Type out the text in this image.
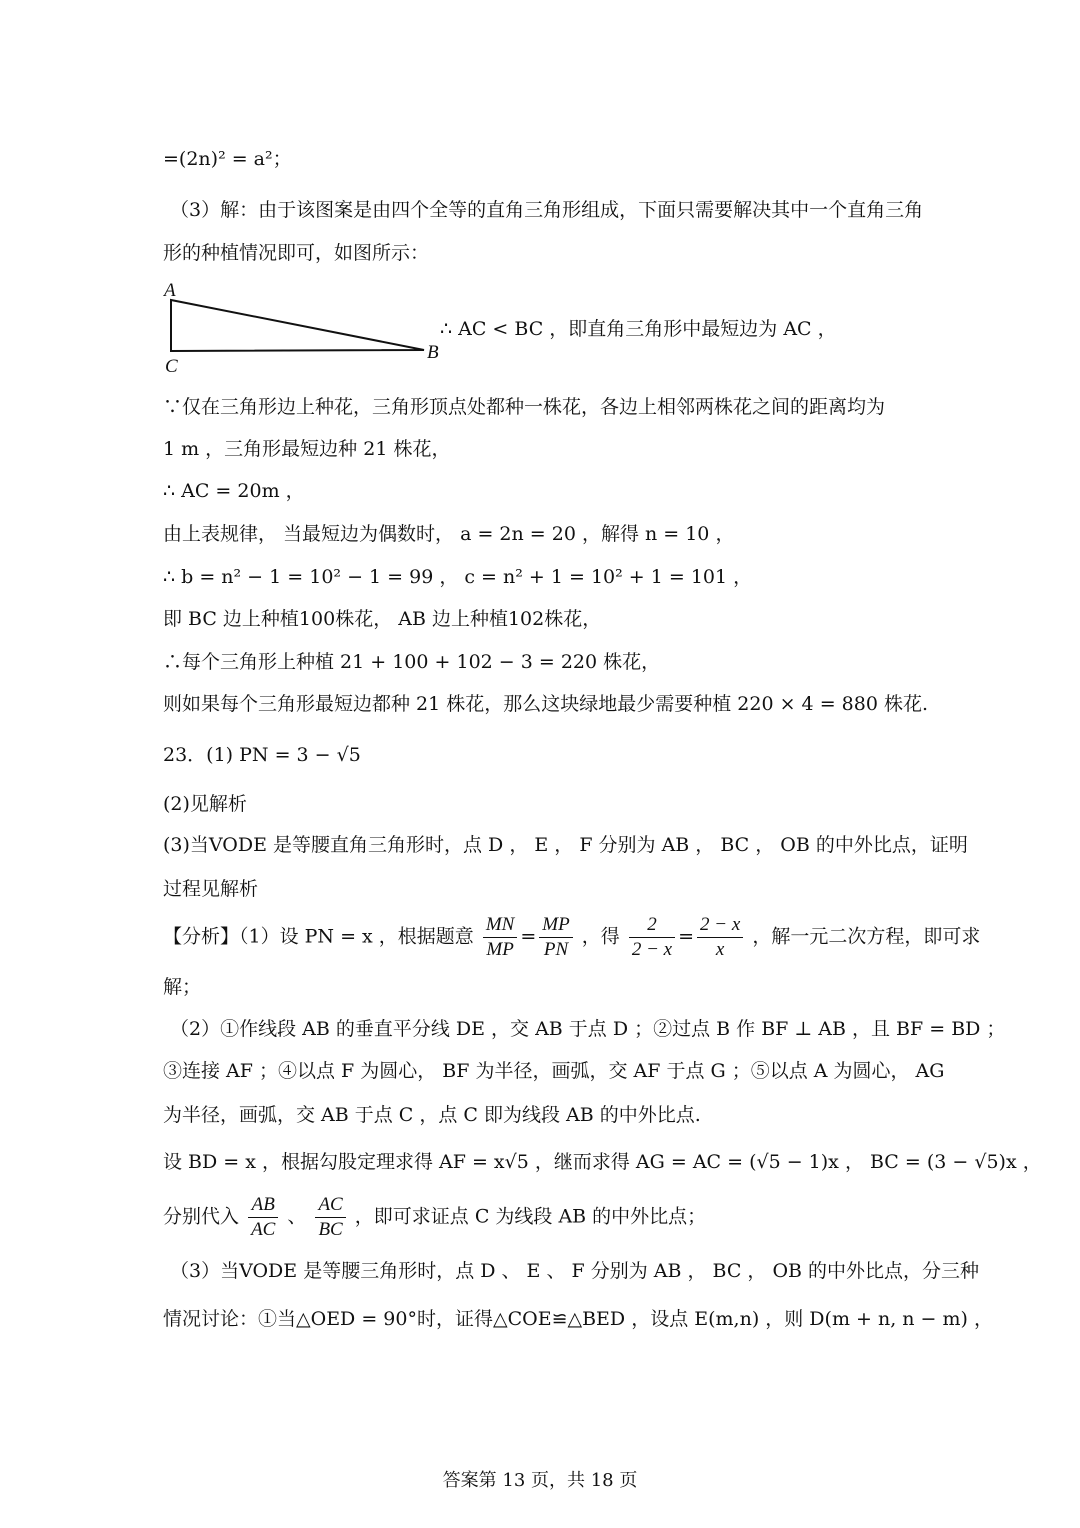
=(2n)² = a²；
（3）解：由于该图案是由四个全等的直角三角形组成，下面只需要解决其中一个直角三角
形的种植情况即可，如图所示：
A
C
B
∴ AC < BC ，即直角三角形中最短边为 AC ，
∵仅在三角形边上种花，三角形顶点处都种一株花，各边上相邻两株花之间的距离均为
1 m ，三角形最短边种 21 株花，
∴ AC = 20m ，
由上表规律， 当最短边为偶数时， a = 2n = 20 ，解得 n = 10 ，
∴ b = n² − 1 = 10² − 1 = 99 ， c = n² + 1 = 10² + 1 = 101 ，
即 BC 边上种植100株花， AB 边上种植102株花，
∴每个三角形上种植 21 + 100 + 102 − 3 = 220 株花，
则如果每个三角形最短边都种 21 株花，那么这块绿地最少需要种植 220 × 4 = 880 株花.
23．(1) PN = 3 − √5
(2)见解析
(3)当VODE 是等腰直角三角形时，点 D ， E ， F 分别为 AB ， BC ， OB 的中外比点，证明
过程见解析
【分析】（1）设 PN = x ，根据题意 $\frac{MN}{MP} = \frac{MP}{PN}$ ，得 $\frac{2}{2 - x} = \frac{2 - x}{x}$ ，解一元二次方程，即可求
解；
（2）①作线段 AB 的垂直平分线 DE ，交 AB 于点 D ；②过点 B 作 BF ⊥ AB ，且 BF = BD ；
③连接 AF ；④以点 F 为圆心， BF 为半径，画弧，交 AF 于点 G ；⑤以点 A 为圆心， AG
为半径，画弧，交 AB 于点 C ，点 C 即为线段 AB 的中外比点.
设 BD = x ，根据勾股定理求得 AF = x√5 ，继而求得 AG = AC = (√5 − 1)x ， BC = (3 − √5)x ，
分别代入 $\frac{AB}{AC}$ 、 $\frac{AC}{BC}$ ，即可求证点 C 为线段 AB 的中外比点；
（3）当VODE 是等腰三角形时，点 D 、 E 、 F 分别为 AB ， BC ， OB 的中外比点，分三种
情况讨论：①当△OED = 90°时，证得△COE≌△BED ，设点 E(m,n) ，则 D(m + n, n − m) ，
答案第 13 页，共 18 页
